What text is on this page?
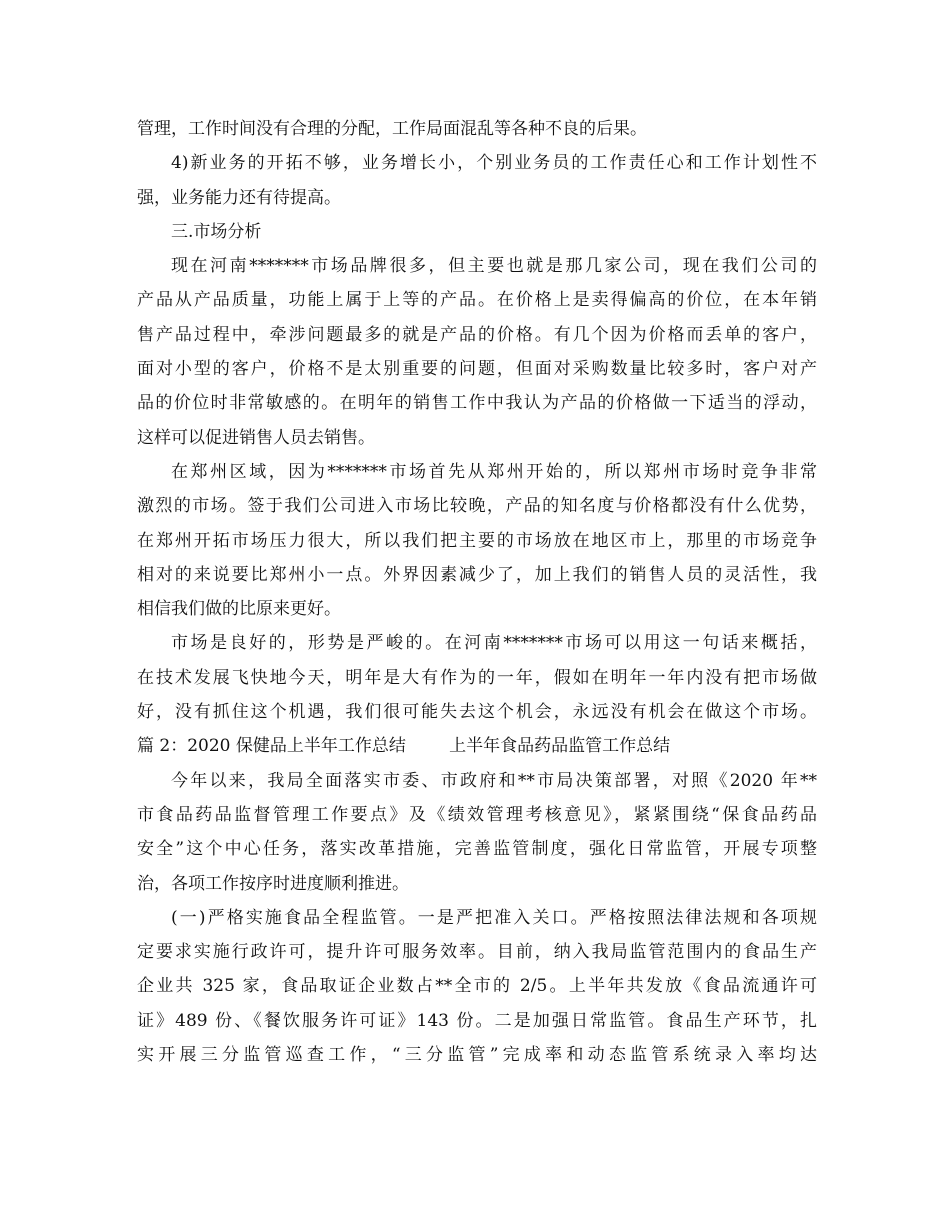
管理，工作时间没有合理的分配，工作局面混乱等各种不良的后果。
4)新业务的开拓不够，业务增长小，个别业务员的工作责任心和工作计划性不
强，业务能力还有待提高。
三.市场分析
现在河南*******市场品牌很多，但主要也就是那几家公司，现在我们公司的
产品从产品质量，功能上属于上等的产品。在价格上是卖得偏高的价位，在本年销
售产品过程中，牵涉问题最多的就是产品的价格。有几个因为价格而丢单的客户，
面对小型的客户，价格不是太别重要的问题，但面对采购数量比较多时，客户对产
品的价位时非常敏感的。在明年的销售工作中我认为产品的价格做一下适当的浮动，
这样可以促进销售人员去销售。
在郑州区域，因为*******市场首先从郑州开始的，所以郑州市场时竞争非常
激烈的市场。签于我们公司进入市场比较晚，产品的知名度与价格都没有什么优势，
在郑州开拓市场压力很大，所以我们把主要的市场放在地区市上，那里的市场竞争
相对的来说要比郑州小一点。外界因素减少了，加上我们的销售人员的灵活性，我
相信我们做的比原来更好。
市场是良好的，形势是严峻的。在河南*******市场可以用这一句话来概括，
在技术发展飞快地今天，明年是大有作为的一年，假如在明年一年内没有把市场做
好，没有抓住这个机遇，我们很可能失去这个机会，永远没有机会在做这个市场。
篇 2：2020 保健品上半年工作总结        上半年食品药品监管工作总结
今年以来，我局全面落实市委、市政府和**市局决策部署，对照《2020 年**
市食品药品监督管理工作要点》及《绩效管理考核意见》，紧紧围绕“保食品药品
安全”这个中心任务，落实改革措施，完善监管制度，强化日常监管，开展专项整
治，各项工作按序时进度顺利推进。
(一)严格实施食品全程监管。一是严把准入关口。严格按照法律法规和各项规
定要求实施行政许可，提升许可服务效率。目前，纳入我局监管范围内的食品生产
企业共 325 家，食品取证企业数占**全市的 2/5。上半年共发放《食品流通许可
证》489 份、《餐饮服务许可证》143 份。二是加强日常监管。食品生产环节，扎
实开展三分监管巡查工作，“三分监管”完成率和动态监管系统录入率均达
